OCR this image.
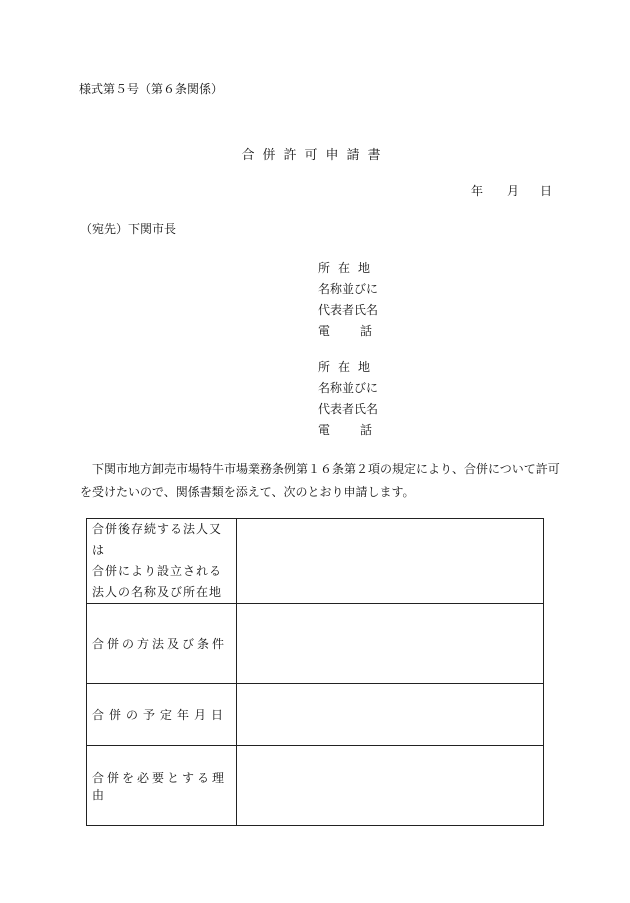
様式第５号（第６条関係）
合併許可申請書
年 月 日
（宛先）下関市長
所在地
名称並びに
代表者氏名
電話
所在地
名称並びに
代表者氏名
電話
下関市地方卸売市場特牛市場業務条例第１６条第２項の規定により、合併について許可
を受けたいので、関係書類を添えて、次のとおり申請します。
合併後存続する法人又は
合併により設立される
法人の名称及び所在地	

合併の方法及び条件	
合併の予定年月日	
合併を必要とする理由	
